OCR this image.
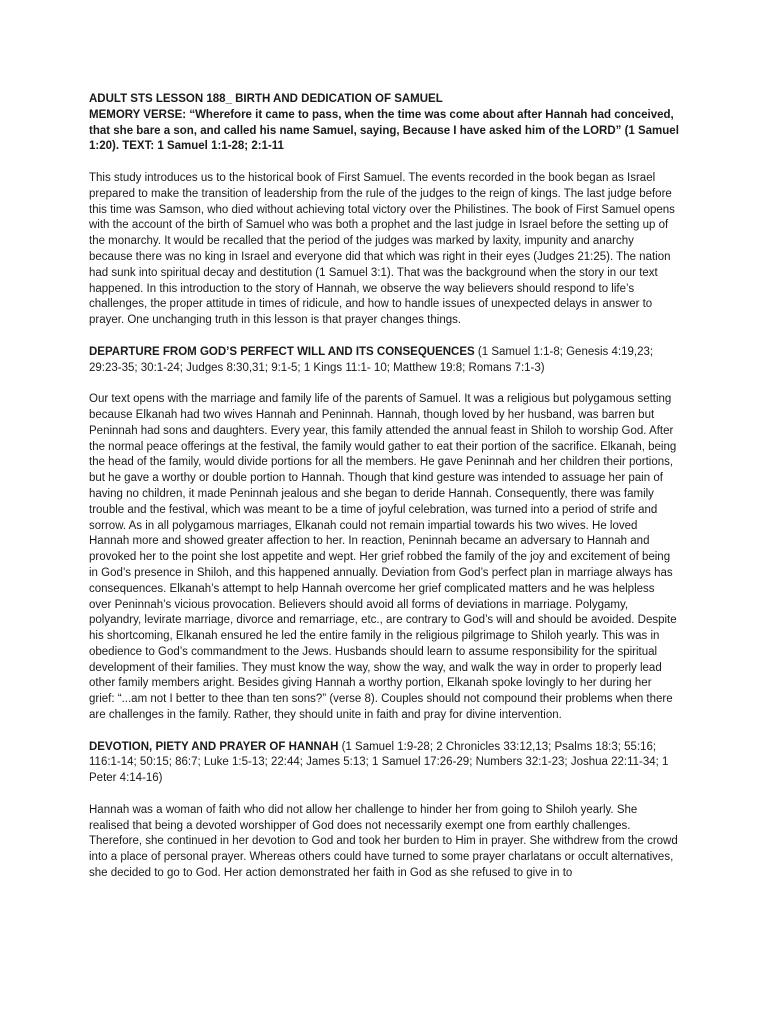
ADULT STS LESSON 188_ BIRTH AND DEDICATION OF SAMUEL

MEMORY VERSE: “Wherefore it came to pass, when the time was come about after Hannah had conceived, that she bare a son, and called his name Samuel, saying, Because I have asked him of the LORD” (1 Samuel 1:20). TEXT: 1 Samuel 1:1-28; 2:1-11

This study introduces us to the historical book of First Samuel. The events recorded in the book began as Israel prepared to make the transition of leadership from the rule of the judges to the reign of kings. The last judge before this time was Samson, who died without achieving total victory over the Philistines. The book of First Samuel opens with the account of the birth of Samuel who was both a prophet and the last judge in Israel before the setting up of the monarchy. It would be recalled that the period of the judges was marked by laxity, impunity and anarchy because there was no king in Israel and everyone did that which was right in their eyes (Judges 21:25). The nation had sunk into spiritual decay and destitution (1 Samuel 3:1). That was the background when the story in our text happened. In this introduction to the story of Hannah, we observe the way believers should respond to life’s challenges, the proper attitude in times of ridicule, and how to handle issues of unexpected delays in answer to prayer. One unchanging truth in this lesson is that prayer changes things.

DEPARTURE FROM GOD’S PERFECT WILL AND ITS CONSEQUENCES (1 Samuel 1:1-8; Genesis 4:19,23; 29:23-35; 30:1-24; Judges 8:30,31; 9:1-5; 1 Kings 11:1- 10; Matthew 19:8; Romans 7:1-3)

Our text opens with the marriage and family life of the parents of Samuel. It was a religious but polygamous setting because Elkanah had two wives Hannah and Peninnah. Hannah, though loved by her husband, was barren but Peninnah had sons and daughters. Every year, this family attended the annual feast in Shiloh to worship God. After the normal peace offerings at the festival, the family would gather to eat their portion of the sacrifice. Elkanah, being the head of the family, would divide portions for all the members. He gave Peninnah and her children their portions, but he gave a worthy or double portion to Hannah. Though that kind gesture was intended to assuage her pain of having no children, it made Peninnah jealous and she began to deride Hannah. Consequently, there was family trouble and the festival, which was meant to be a time of joyful celebration, was turned into a period of strife and sorrow. As in all polygamous marriages, Elkanah could not remain impartial towards his two wives. He loved Hannah more and showed greater affection to her. In reaction, Peninnah became an adversary to Hannah and provoked her to the point she lost appetite and wept. Her grief robbed the family of the joy and excitement of being in God’s presence in Shiloh, and this happened annually. Deviation from God’s perfect plan in marriage always has consequences. Elkanah’s attempt to help Hannah overcome her grief complicated matters and he was helpless over Peninnah’s vicious provocation. Believers should avoid all forms of deviations in marriage. Polygamy, polyandry, levirate marriage, divorce and remarriage, etc., are contrary to God’s will and should be avoided. Despite his shortcoming, Elkanah ensured he led the entire family in the religious pilgrimage to Shiloh yearly. This was in obedience to God’s commandment to the Jews. Husbands should learn to assume responsibility for the spiritual development of their families. They must know the way, show the way, and walk the way in order to properly lead other family members aright. Besides giving Hannah a worthy portion, Elkanah spoke lovingly to her during her grief: “...am not I better to thee than ten sons?” (verse 8). Couples should not compound their problems when there are challenges in the family. Rather, they should unite in faith and pray for divine intervention.

DEVOTION, PIETY AND PRAYER OF HANNAH (1 Samuel 1:9-28; 2 Chronicles 33:12,13; Psalms 18:3; 55:16; 116:1-14; 50:15; 86:7; Luke 1:5-13; 22:44; James 5:13; 1 Samuel 17:26-29; Numbers 32:1-23; Joshua 22:11-34; 1 Peter 4:14-16)

Hannah was a woman of faith who did not allow her challenge to hinder her from going to Shiloh yearly. She realised that being a devoted worshipper of God does not necessarily exempt one from earthly challenges. Therefore, she continued in her devotion to God and took her burden to Him in prayer. She withdrew from the crowd into a place of personal prayer. Whereas others could have turned to some prayer charlatans or occult alternatives, she decided to go to God. Her action demonstrated her faith in God as she refused to give in to
